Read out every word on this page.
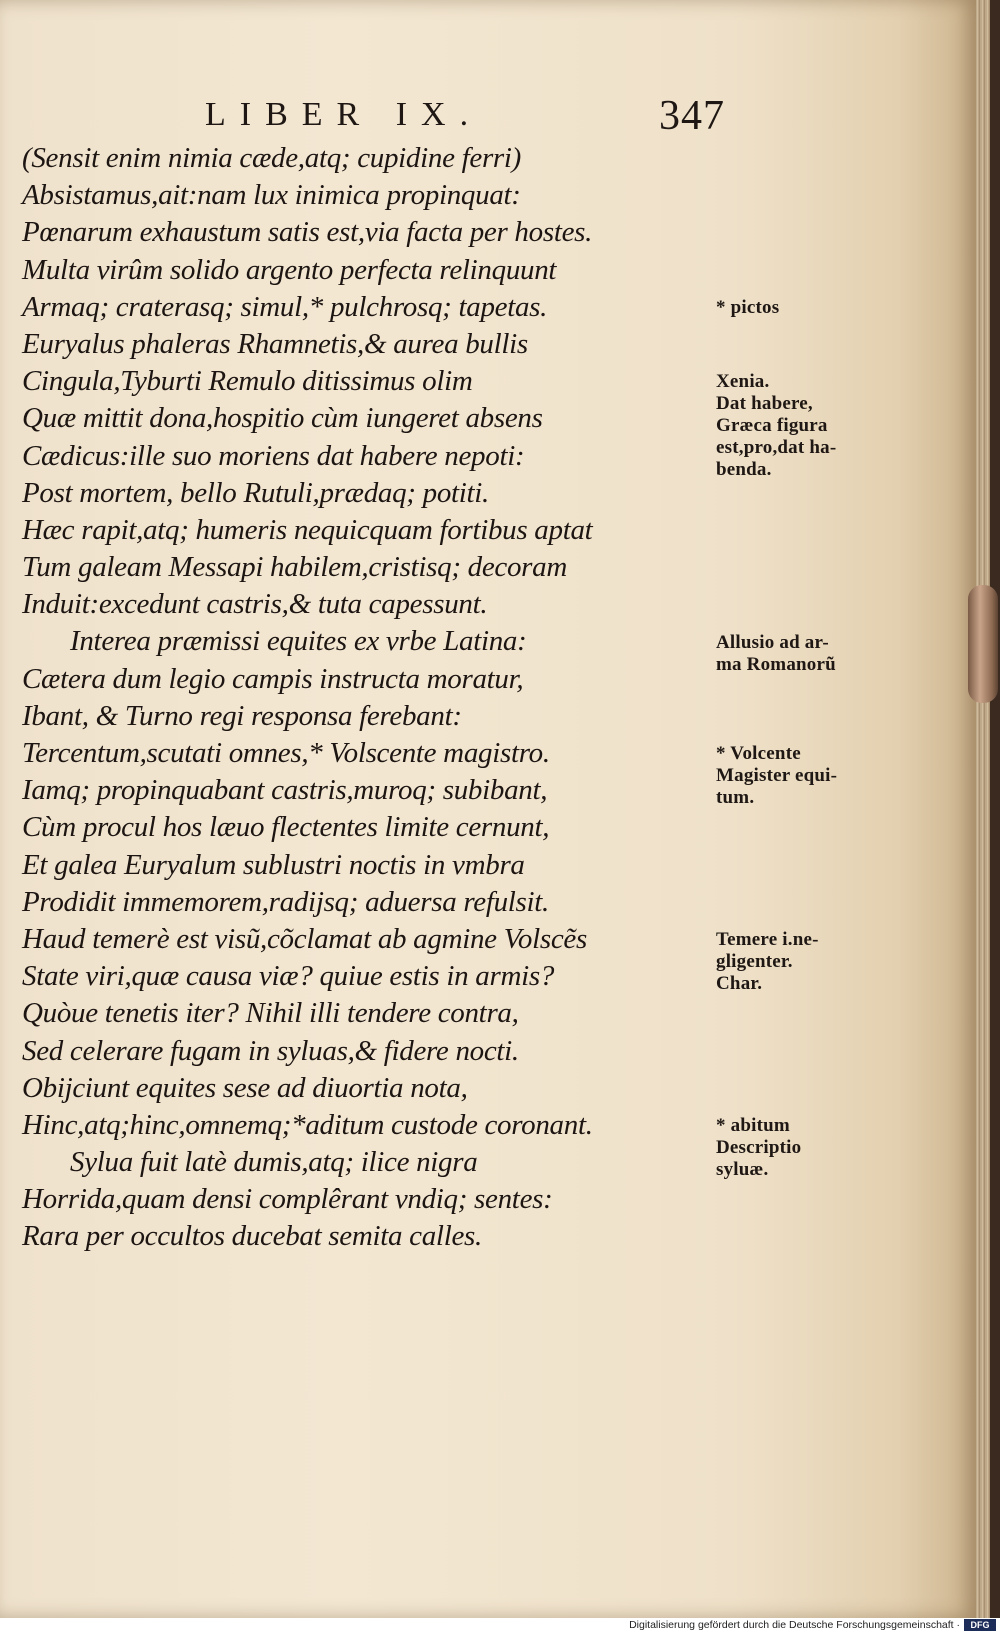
LIBER IX.	347
(Sensit enim nimia cæde,atq; cupidine ferri)
Absistamus,ait:nam lux inimica propinquat:
Pœnarum exhaustum satis est,via facta per hostes.
Multa virûm solido argento perfecta relinquunt
Armaq; craterasq; simul,* pulchrosq; tapetas.
Euryalus phaleras Rhamnetis,& aurea bullis
Cingula,Tyburti Remulo ditissimus olim
Quæ mittit dona,hospitio cùm iungeret absens
Cædicus:ille suo moriens dat habere nepoti:
Post mortem, bello Rutuli,prædaq; potiti.
Hæc rapit,atq; humeris nequicquam fortibus aptat
Tum galeam Messapi habilem,cristisq; decoram
Induit:excedunt castris,& tuta capessunt.
Interea præmissi equites ex vrbe Latina:
Cætera dum legio campis instructa moratur,
Ibant, & Turno regi responsa ferebant:
Tercentum,scutati omnes,* Volscente magistro.
Iamq; propinquabant castris,muroq; subibant,
Cùm procul hos læuo flectentes limite cernunt,
Et galea Euryalum sublustri noctis in vmbra
Prodidit immemorem,radijsq; aduersa refulsit.
Haud temerè est visũ,cõclamat ab agmine Volscẽs
State viri,quæ causa viæ? quiue estis in armis?
Quòue tenetis iter? Nihil illi tendere contra,
Sed celerare fugam in syluas,& fidere nocti.
Obijciunt equites sese ad diuortia nota,
Hinc,atq;hinc,omnemq;*aditum custode coronant.
Sylua fuit latè dumis,atq; ilice nigra
Horrida,quam densi complêrant vndiq; sentes:
Rara per occultos ducebat semita calles.
* pictos
Xenia.
Dat habere,
Græca figura
est,pro,dat ha-
benda.
Allusio ad ar-
ma Romanorũ
* Volcente
Magister equi-
tum.
Temere i.ne-
gligenter.
Char.
* abitum
Descriptio
syluæ.
Digitalisierung gefördert durch die Deutsche Forschungsgemeinschaft ·	DFG
